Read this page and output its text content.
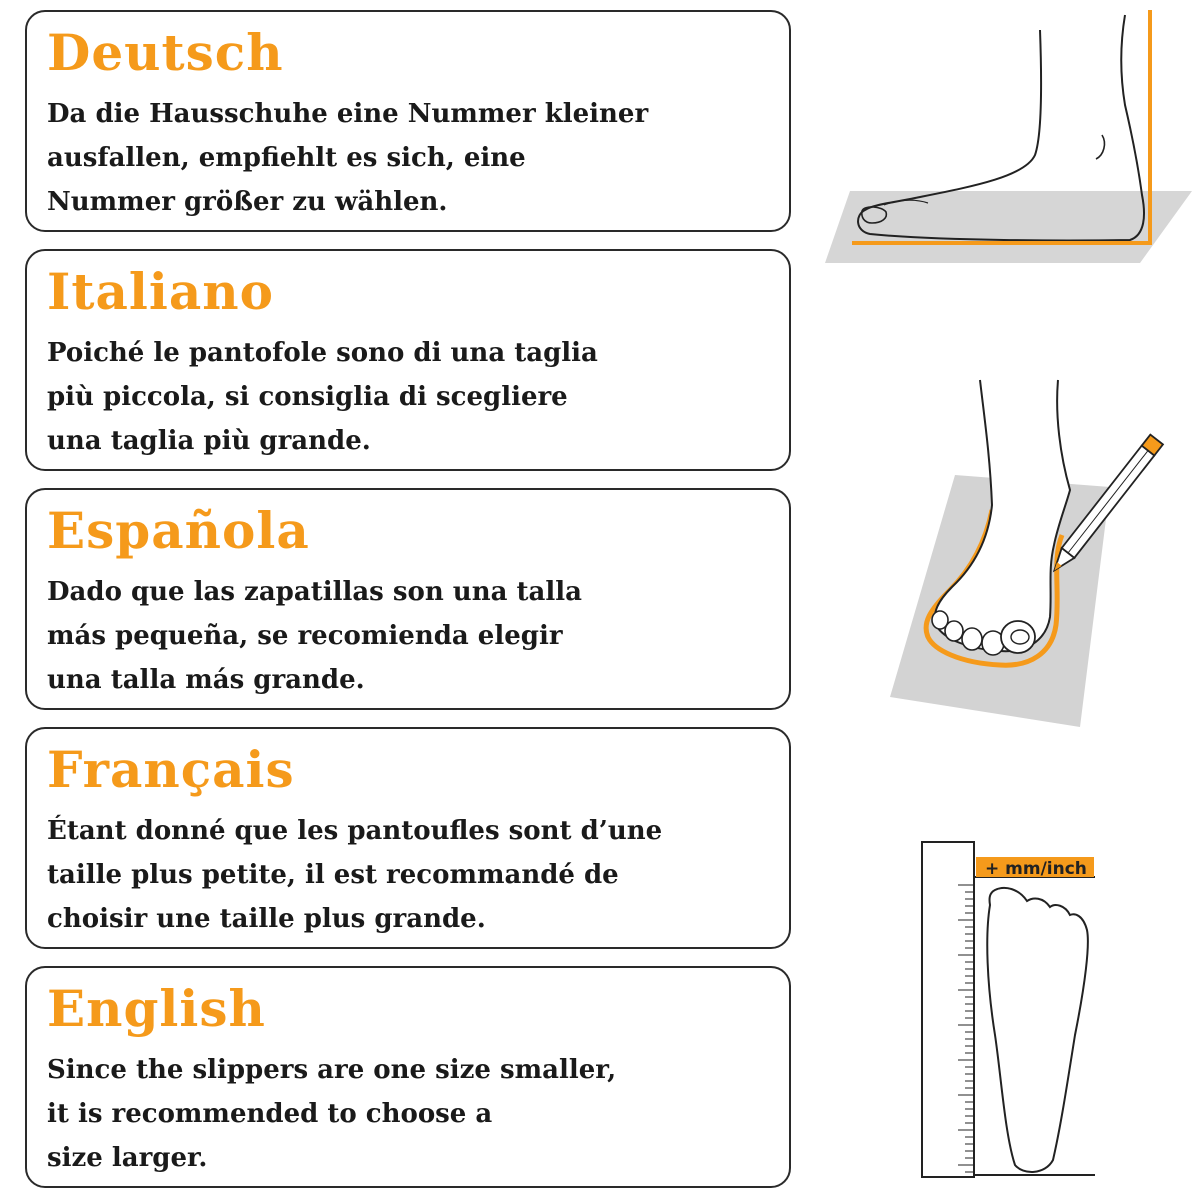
Deutsch
Da die Hausschuhe eine Nummer kleiner
ausfallen, empfiehlt es sich, eine
Nummer größer zu wählen.
Italiano
Poiché le pantofole sono di una taglia
più piccola, si consiglia di scegliere
una taglia più grande.
Española
Dado que las zapatillas son una talla
más pequeña, se recomienda elegir
una talla más grande.
Français
Étant donné que les pantoufles sont d’une
taille plus petite, il est recommandé de
choisir une taille plus grande.
English
Since the slippers are one size smaller,
it is recommended to choose a
size larger.
+ mm/inch
